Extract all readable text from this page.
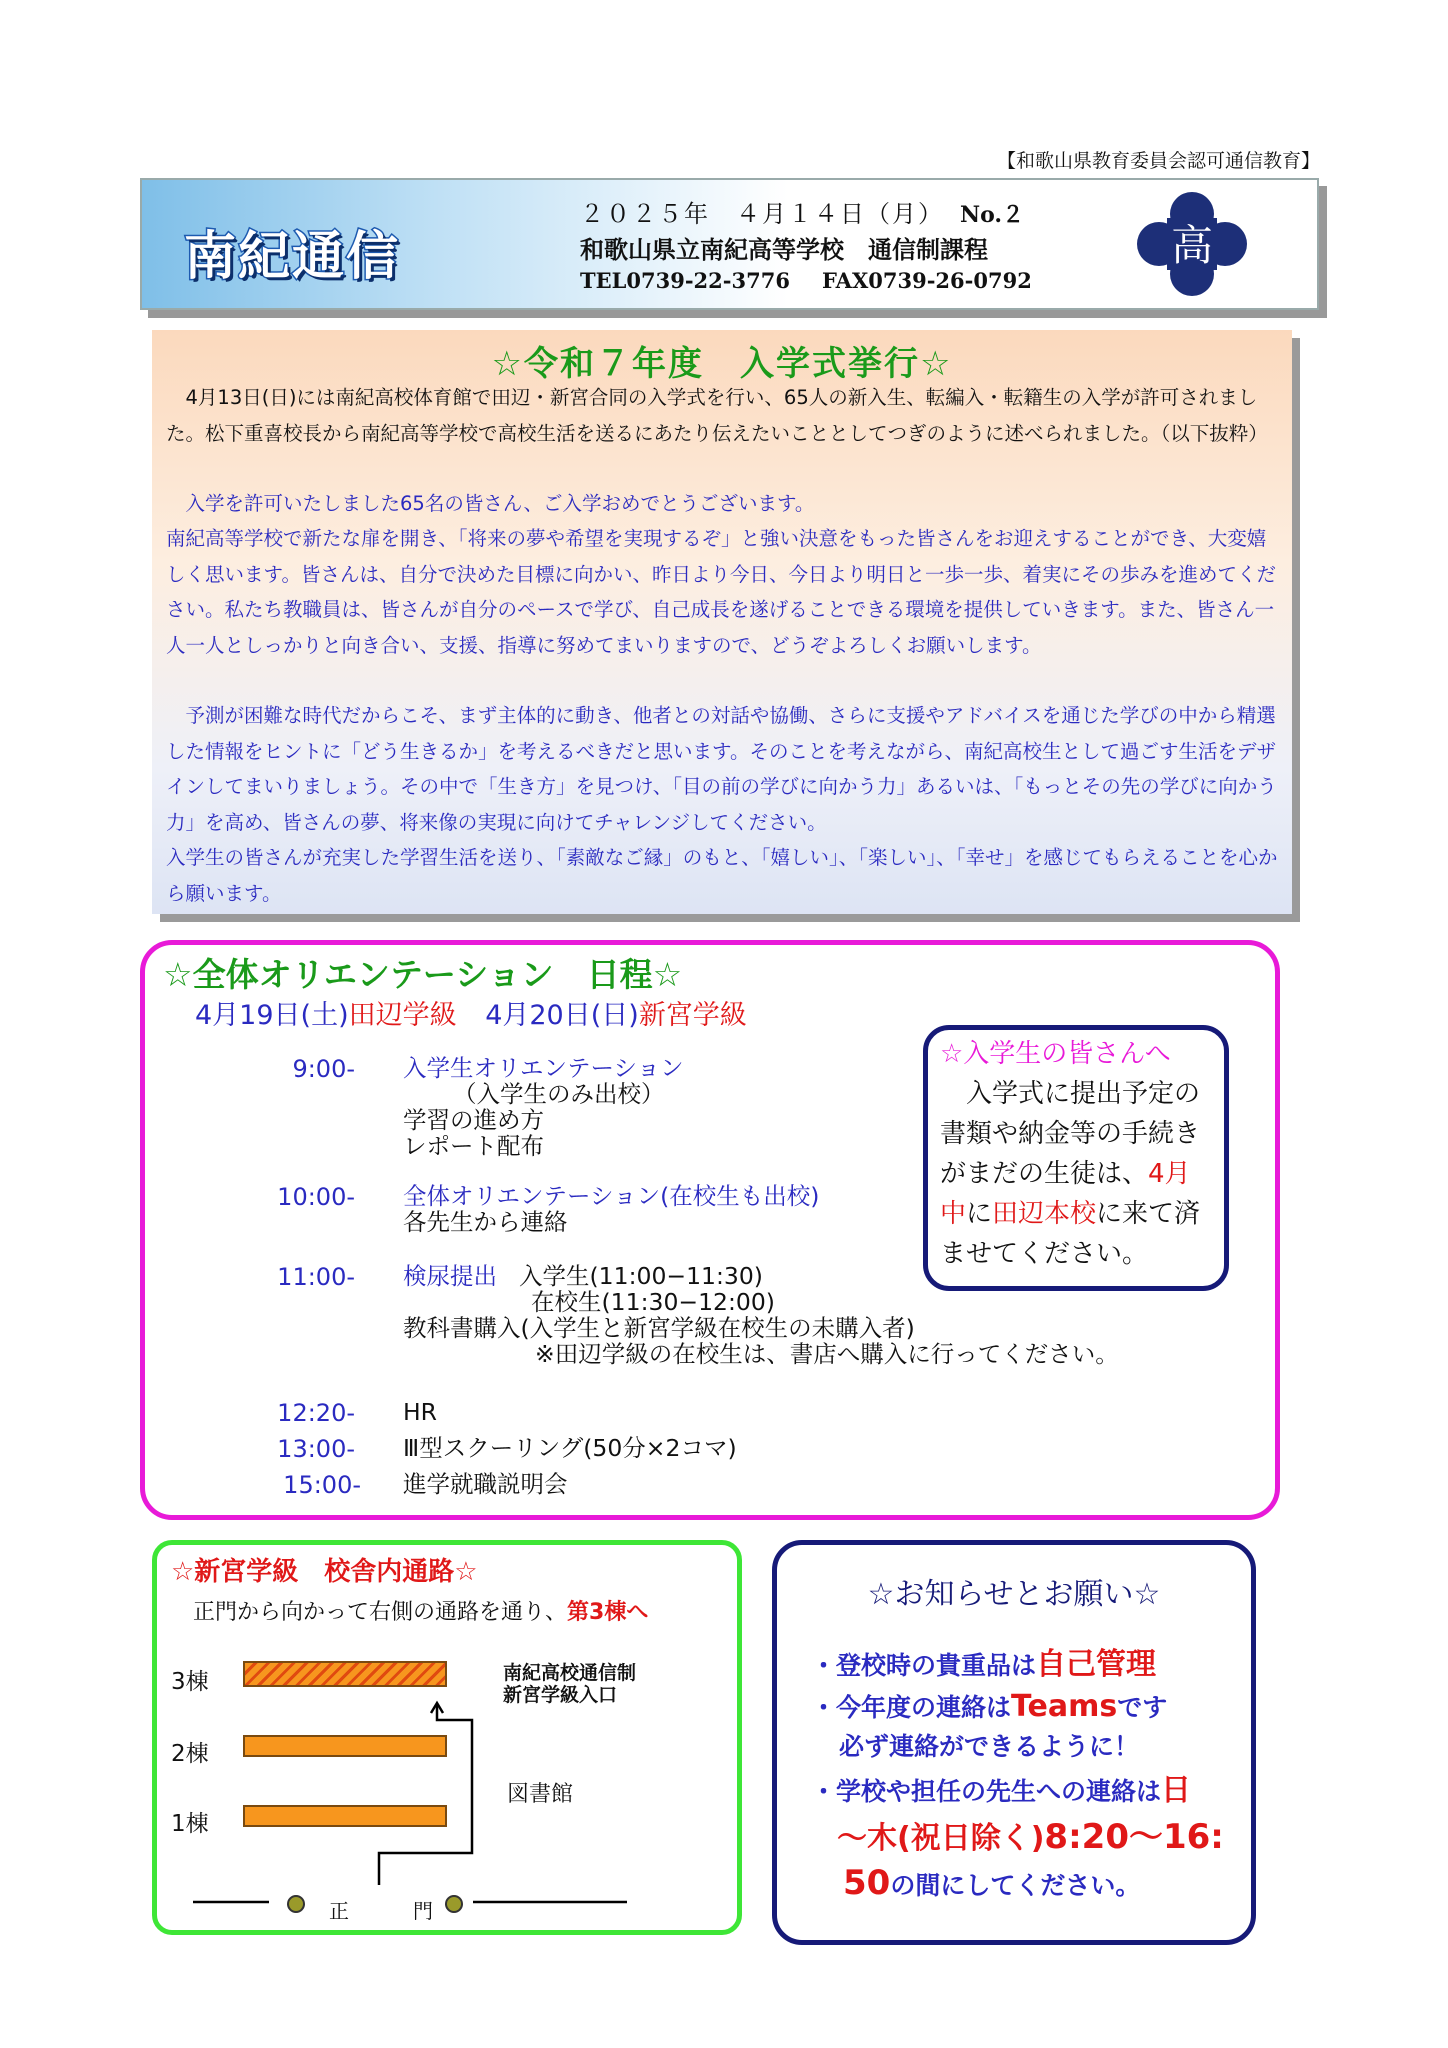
【和歌山県教育委員会認可通信教育】
南紀通信
２０２５年　４月１４日（月） No.２
和歌山県立南紀高等学校　通信制課程
TEL0739-22-3776 FAX0739-26-0792
高
☆令和７年度　入学式挙行☆
4月13日(日)には南紀高校体育館で田辺・新宮合同の入学式を行い、65人の新入生、転編入・転籍生の入学が許可されました。松下重喜校長から南紀高等学校で高校生活を送るにあたり伝えたいこととしてつぎのように述べられました。（以下抜粋）
入学を許可いたしました65名の皆さん、ご入学おめでとうございます。
南紀高等学校で新たな扉を開き、「将来の夢や希望を実現するぞ」と強い決意をもった皆さんをお迎えすることができ、大変嬉しく思います。皆さんは、自分で決めた目標に向かい、昨日より今日、今日より明日と一歩一歩、着実にその歩みを進めてください。私たち教職員は、皆さんが自分のペースで学び、自己成長を遂げることできる環境を提供していきます。また、皆さん一人一人としっかりと向き合い、支援、指導に努めてまいりますので、どうぞよろしくお願いします。
予測が困難な時代だからこそ、まず主体的に動き、他者との対話や協働、さらに支援やアドバイスを通じた学びの中から精選した情報をヒントに「どう生きるか」を考えるべきだと思います。そのことを考えながら、南紀高校生として過ごす生活をデザインしてまいりましょう。その中で「生き方」を見つけ、「目の前の学びに向かう力」あるいは、「もっとその先の学びに向かう力」を高め、皆さんの夢、将来像の実現に向けてチャレンジしてください。
入学生の皆さんが充実した学習生活を送り、「素敵なご縁」のもと、「嬉しい」、「楽しい」、「幸せ」を感じてもらえることを心から願います。
☆全体オリエンテーション　日程☆
4月19日(土)田辺学級 4月20日(日)新宮学級
9:00- 入学生オリエンテーション
（入学生のみ出校）
学習の進め方
レポート配布
10:00- 全体オリエンテーション(在校生も出校)
各先生から連絡
11:00- 検尿提出 入学生(11:00−11:30)
在校生(11:30−12:00)
教科書購入(入学生と新宮学級在校生の未購入者)
※田辺学級の在校生は、書店へ購入に行ってください。
12:20- HR
13:00- Ⅲ型スクーリング(50分×2コマ)
15:00- 進学就職説明会
☆入学生の皆さんへ
入学式に提出予定の書類や納金等の手続きがまだの生徒は、4月中に田辺本校に来て済ませてください。
☆新宮学級　校舎内通路☆
正門から向かって右側の通路を通り、第3棟へ
3棟
2棟
1棟
南紀高校通信制
新宮学級入口
図書館
正	門
☆お知らせとお願い☆
・登校時の貴重品は自己管理
・今年度の連絡はTeamsです
必ず連絡ができるように！
・学校や担任の先生への連絡は日
～木(祝日除く)8:20～16:
50の間にしてください。
